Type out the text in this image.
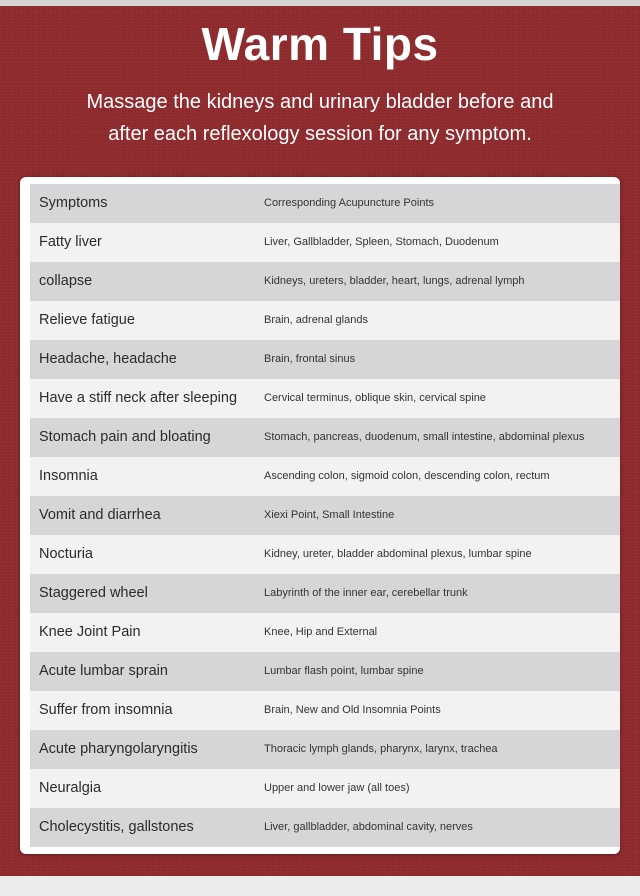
Warm Tips
Massage the kidneys and urinary bladder before and
after each reflexology session for any symptom.
Symptoms	Corresponding Acupuncture Points
Fatty liver	Liver, Gallbladder, Spleen, Stomach, Duodenum
collapse	Kidneys, ureters, bladder, heart, lungs, adrenal lymph
Relieve fatigue	Brain, adrenal glands
Headache, headache	Brain, frontal sinus
Have a stiff neck after sleeping	Cervical terminus, oblique skin, cervical spine
Stomach pain and bloating	Stomach, pancreas, duodenum, small intestine, abdominal plexus
Insomnia	Ascending colon, sigmoid colon, descending colon, rectum
Vomit and diarrhea	Xiexi Point, Small Intestine
Nocturia	Kidney, ureter, bladder abdominal plexus, lumbar spine
Staggered wheel	Labyrinth of the inner ear, cerebellar trunk
Knee Joint Pain	Knee, Hip and External
Acute lumbar sprain	Lumbar flash point, lumbar spine
Suffer from insomnia	Brain, New and Old Insomnia Points
Acute pharyngolaryngitis	Thoracic lymph glands, pharynx, larynx, trachea
Neuralgia	Upper and lower jaw (all toes)
Cholecystitis, gallstones	Liver, gallbladder, abdominal cavity, nerves
